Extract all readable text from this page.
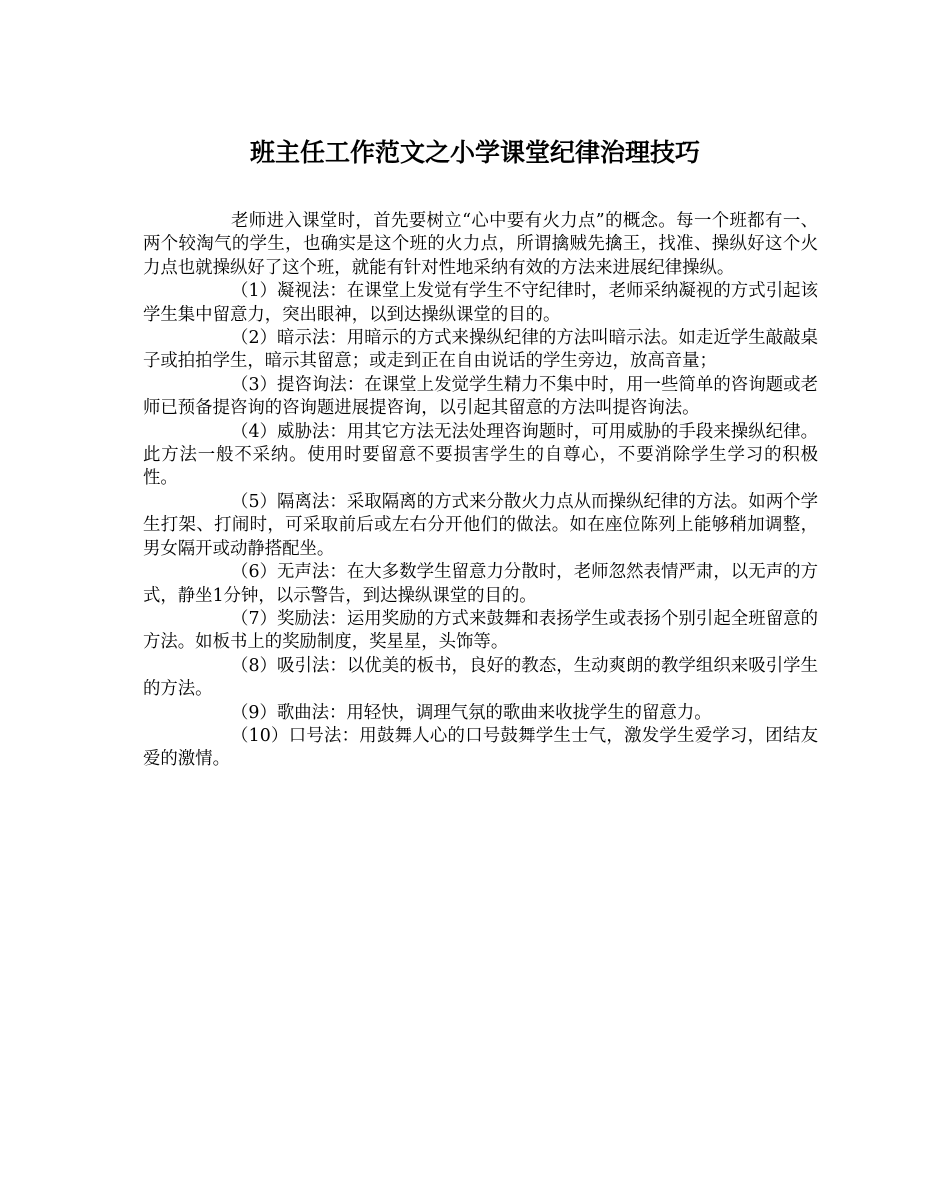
班主任工作范文之小学课堂纪律治理技巧

老师进入课堂时，首先要树立“心中要有火力点”的概念。每一个班都有一、两个较淘气的学生，也确实是这个班的火力点，所谓擒贼先擒王，找准、操纵好这个火力点也就操纵好了这个班，就能有针对性地采纳有效的方法来进展纪律操纵。

（1）凝视法：在课堂上发觉有学生不守纪律时，老师采纳凝视的方式引起该学生集中留意力，突出眼神，以到达操纵课堂的目的。

（2）暗示法：用暗示的方式来操纵纪律的方法叫暗示法。如走近学生敲敲桌子或拍拍学生，暗示其留意；或走到正在自由说话的学生旁边，放高音量；

（3）提咨询法：在课堂上发觉学生精力不集中时，用一些简单的咨询题或老师已预备提咨询的咨询题进展提咨询，以引起其留意的方法叫提咨询法。

（4）威胁法：用其它方法无法处理咨询题时，可用威胁的手段来操纵纪律。此方法一般不采纳。使用时要留意不要损害学生的自尊心，不要消除学生学习的积极性。

（5）隔离法：采取隔离的方式来分散火力点从而操纵纪律的方法。如两个学生打架、打闹时，可采取前后或左右分开他们的做法。如在座位陈列上能够稍加调整，男女隔开或动静搭配坐。

（6）无声法：在大多数学生留意力分散时，老师忽然表情严肃，以无声的方式，静坐1分钟，以示警告，到达操纵课堂的目的。

（7）奖励法：运用奖励的方式来鼓舞和表扬学生或表扬个别引起全班留意的方法。如板书上的奖励制度，奖星星，头饰等。

（8）吸引法：以优美的板书，良好的教态，生动爽朗的教学组织来吸引学生的方法。

（9）歌曲法：用轻快，调理气氛的歌曲来收拢学生的留意力。

（10）口号法：用鼓舞人心的口号鼓舞学生士气，激发学生爱学习，团结友爱的激情。
